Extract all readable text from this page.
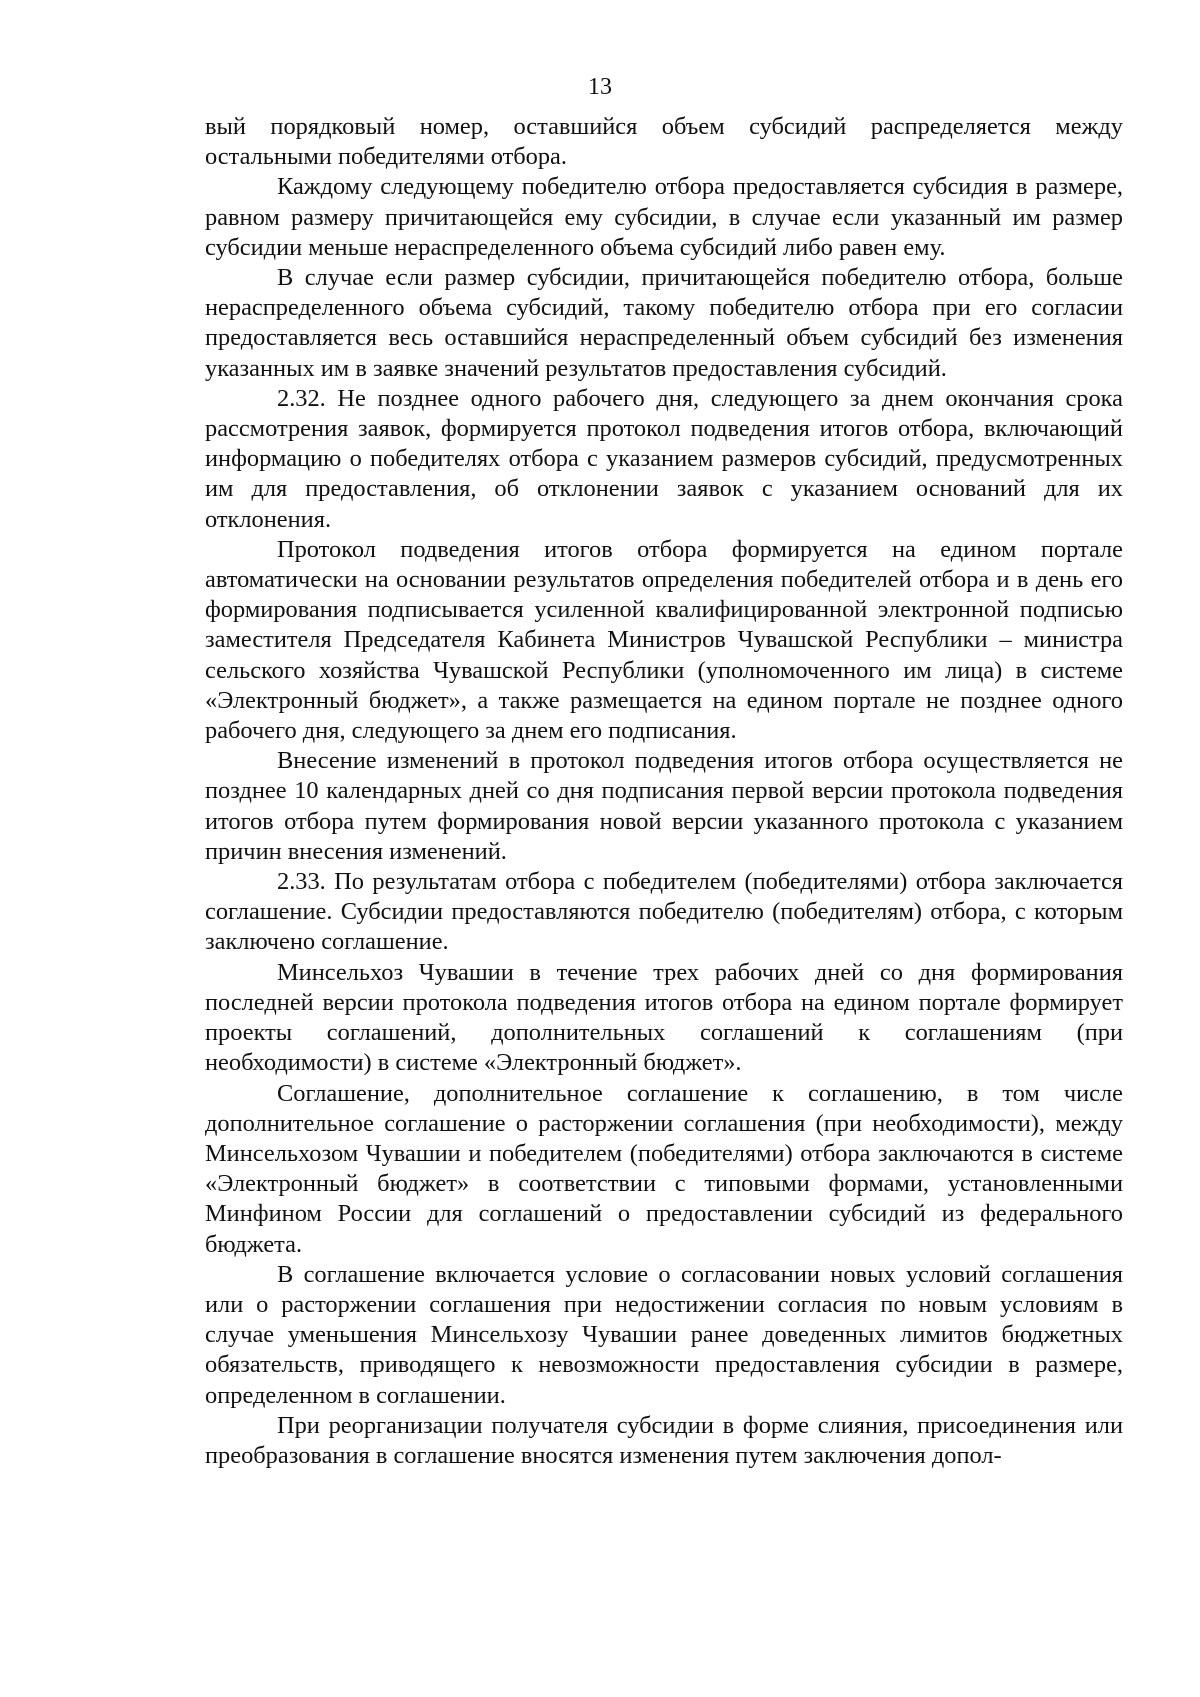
13

вый порядковый номер, оставшийся объем субсидий распределяется между остальными победителями отбора.

Каждому следующему победителю отбора предоставляется субсидия в размере, равном размеру причитающейся ему субсидии, в случае если указанный им размер субсидии меньше нераспределенного объема субсидий либо равен ему.

В случае если размер субсидии, причитающейся победителю отбора, больше нераспределенного объема субсидий, такому победителю отбора при его согласии предоставляется весь оставшийся нераспределенный объем субсидий без изменения указанных им в заявке значений результатов предоставления субсидий.

2.32. Не позднее одного рабочего дня, следующего за днем окончания срока рассмотрения заявок, формируется протокол подведения итогов отбора, включающий информацию о победителях отбора с указанием размеров субсидий, предусмотренных им для предоставления, об отклонении заявок с указанием оснований для их отклонения.

Протокол подведения итогов отбора формируется на едином портале автоматически на основании результатов определения победителей отбора и в день его формирования подписывается усиленной квалифицированной электронной подписью заместителя Председателя Кабинета Министров Чувашской Республики – министра сельского хозяйства Чувашской Республики (уполномоченного им лица) в системе «Электронный бюджет», а также размещается на едином портале не позднее одного рабочего дня, следующего за днем его подписания.

Внесение изменений в протокол подведения итогов отбора осуществляется не позднее 10 календарных дней со дня подписания первой версии протокола подведения итогов отбора путем формирования новой версии указанного протокола с указанием причин внесения изменений.

2.33. По результатам отбора с победителем (победителями) отбора заключается соглашение. Субсидии предоставляются победителю (победителям) отбора, с которым заключено соглашение.

Минсельхоз Чувашии в течение трех рабочих дней со дня формирования последней версии протокола подведения итогов отбора на едином портале формирует проекты соглашений, дополнительных соглашений к соглашениям (при необходимости) в системе «Электронный бюджет».

Соглашение, дополнительное соглашение к соглашению, в том числе дополнительное соглашение о расторжении соглашения (при необходимости), между Минсельхозом Чувашии и победителем (победителями) отбора заключаются в системе «Электронный бюджет» в соответствии с типовыми формами, установленными Минфином России для соглашений о предоставлении субсидий из федерального бюджета.

В соглашение включается условие о согласовании новых условий соглашения или о расторжении соглашения при недостижении согласия по новым условиям в случае уменьшения Минсельхозу Чувашии ранее доведенных лимитов бюджетных обязательств, приводящего к невозможности предоставления субсидии в размере, определенном в соглашении.

При реорганизации получателя субсидии в форме слияния, присоединения или преобразования в соглашение вносятся изменения путем заключения допол-
